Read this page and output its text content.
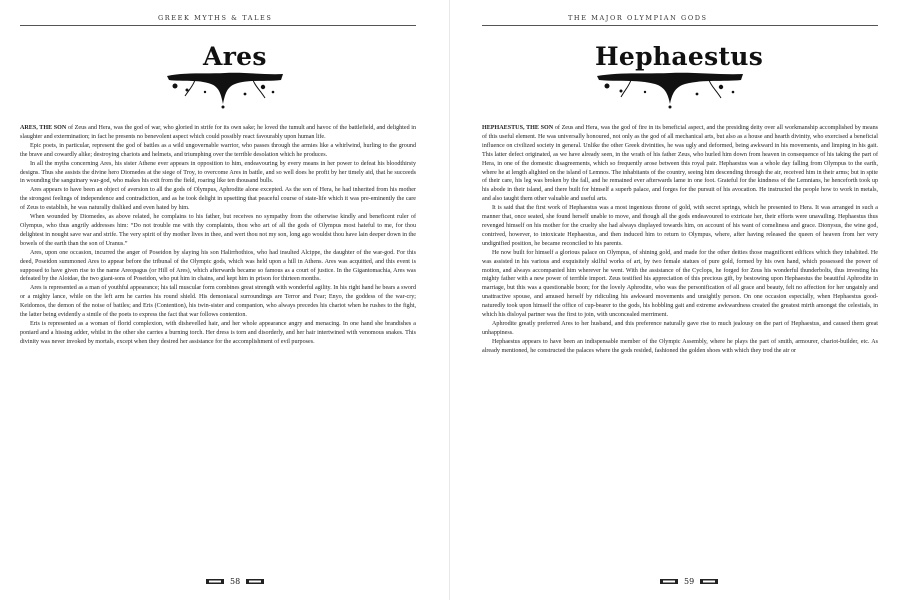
GREEK MYTHS & TALES
Ares

ARES, THE SON of Zeus and Hera, was the god of war, who gloried in strife for its own sake; he loved the tumult and havoc of the battlefield, and delighted in slaughter and extermination; in fact he presents no benevolent aspect which could possibly react favourably upon human life.

Epic poets, in particular, represent the god of battles as a wild ungovernable warrior, who passes through the armies like a whirlwind, hurling to the ground the brave and cowardly alike; destroying chariots and helmets, and triumphing over the terrible desolation which he produces.

In all the myths concerning Ares, his sister Athene ever appears in opposition to him, endeavouring by every means in her power to defeat his bloodthirsty designs. Thus she assists the divine hero Diomedes at the siege of Troy, to overcome Ares in battle, and so well does he profit by her timely aid, that he succeeds in wounding the sanguinary war-god, who makes his exit from the field, roaring like ten thousand bulls.

Ares appears to have been an object of aversion to all the gods of Olympus, Aphrodite alone excepted. As the son of Hera, he had inherited from his mother the strongest feelings of independence and contradiction, and as he took delight in upsetting that peaceful course of state-life which it was pre-eminently the care of Zeus to establish, he was naturally disliked and even hated by him.

When wounded by Diomedes, as above related, he complains to his father, but receives no sympathy from the otherwise kindly and beneficent ruler of Olympus, who thus angrily addresses him: “Do not trouble me with thy complaints, thou who art of all the gods of Olympus most hateful to me, for thou delightest in nought save war and strife. The very spirit of thy mother lives in thee, and wert thou not my son, long ago wouldst thou have lain deeper down in the bowels of the earth than the son of Uranus.”

Ares, upon one occasion, incurred the anger of Poseidon by slaying his son Halirrhothios, who had insulted Alcippe, the daughter of the war-god. For this deed, Poseidon summoned Ares to appear before the tribunal of the Olympic gods, which was held upon a hill in Athens. Ares was acquitted, and this event is supposed to have given rise to the name Areopagus (or Hill of Ares), which afterwards became so famous as a court of justice. In the Gigantomachia, Ares was defeated by the Aloidae, the two giant-sons of Poseidon, who put him in chains, and kept him in prison for thirteen months.

Ares is represented as a man of youthful appearance; his tall muscular form combines great strength with wonderful agility. In his right hand he bears a sword or a mighty lance, while on the left arm he carries his round shield. His demoniacal surroundings are Terror and Fear; Enyo, the goddess of the war-cry; Keidomos, the demon of the noise of battles; and Eris (Contention), his twin-sister and companion, who always precedes his chariot when he rushes to the fight, the latter being evidently a simile of the poets to express the fact that war follows contention.

Eris is represented as a woman of florid complexion, with dishevelled hair, and her whole appearance angry and menacing. In one hand she brandishes a poniard and a hissing adder, whilst in the other she carries a burning torch. Her dress is torn and disorderly, and her hair intertwined with venomous snakes. This divinity was never invoked by mortals, except when they desired her assistance for the accomplishment of evil purposes.

58
THE MAJOR OLYMPIAN GODS
Hephaestus

HEPHAESTUS, THE SON of Zeus and Hera, was the god of fire in its beneficial aspect, and the presiding deity over all workmanship accomplished by means of this useful element. He was universally honoured, not only as the god of all mechanical arts, but also as a house and hearth divinity, who exercised a beneficial influence on civilized society in general. Unlike the other Greek divinities, he was ugly and deformed, being awkward in his movements, and limping in his gait. This latter defect originated, as we have already seen, in the wrath of his father Zeus, who hurled him down from heaven in consequence of his taking the part of Hera, in one of the domestic disagreements, which so frequently arose between this royal pair. Hephaestus was a whole day falling from Olympus to the earth, where he at length alighted on the island of Lemnos. The inhabitants of the country, seeing him descending through the air, received him in their arms; but in spite of their care, his leg was broken by the fall, and he remained ever afterwards lame in one foot. Grateful for the kindness of the Lemnians, he henceforth took up his abode in their island, and there built for himself a superb palace, and forges for the pursuit of his avocation. He instructed the people how to work in metals, and also taught them other valuable and useful arts.

It is said that the first work of Hephaestus was a most ingenious throne of gold, with secret springs, which he presented to Hera. It was arranged in such a manner that, once seated, she found herself unable to move, and though all the gods endeavoured to extricate her, their efforts were unavailing. Hephaestus thus revenged himself on his mother for the cruelty she had always displayed towards him, on account of his want of comeliness and grace. Dionysus, the wine god, contrived, however, to intoxicate Hephaestus, and then induced him to return to Olympus, where, after having released the queen of heaven from her very undignified position, he became reconciled to his parents.

He now built for himself a glorious palace on Olympus, of shining gold, and made for the other deities those magnificent edifices which they inhabited. He was assisted in his various and exquisitely skilful works of art, by two female statues of pure gold, formed by his own hand, which possessed the power of motion, and always accompanied him wherever he went. With the assistance of the Cyclops, he forged for Zeus his wonderful thunderbolts, thus investing his mighty father with a new power of terrible import. Zeus testified his appreciation of this precious gift, by bestowing upon Hephaestus the beautiful Aphrodite in marriage, but this was a questionable boon; for the lovely Aphrodite, who was the personification of all grace and beauty, felt no affection for her ungainly and unattractive spouse, and amused herself by ridiculing his awkward movements and unsightly person. On one occasion especially, when Hephaestus good-naturedly took upon himself the office of cup-bearer to the gods, his hobbling gait and extreme awkwardness created the greatest mirth amongst the celestials, in which his disloyal partner was the first to join, with unconcealed merriment.

Aphrodite greatly preferred Ares to her husband, and this preference naturally gave rise to much jealousy on the part of Hephaestus, and caused them great unhappiness.

Hephaestus appears to have been an indispensable member of the Olympic Assembly, where he plays the part of smith, armourer, chariot-builder, etc. As already mentioned, he constructed the palaces where the gods resided, fashioned the golden shoes with which they trod the air or

59
